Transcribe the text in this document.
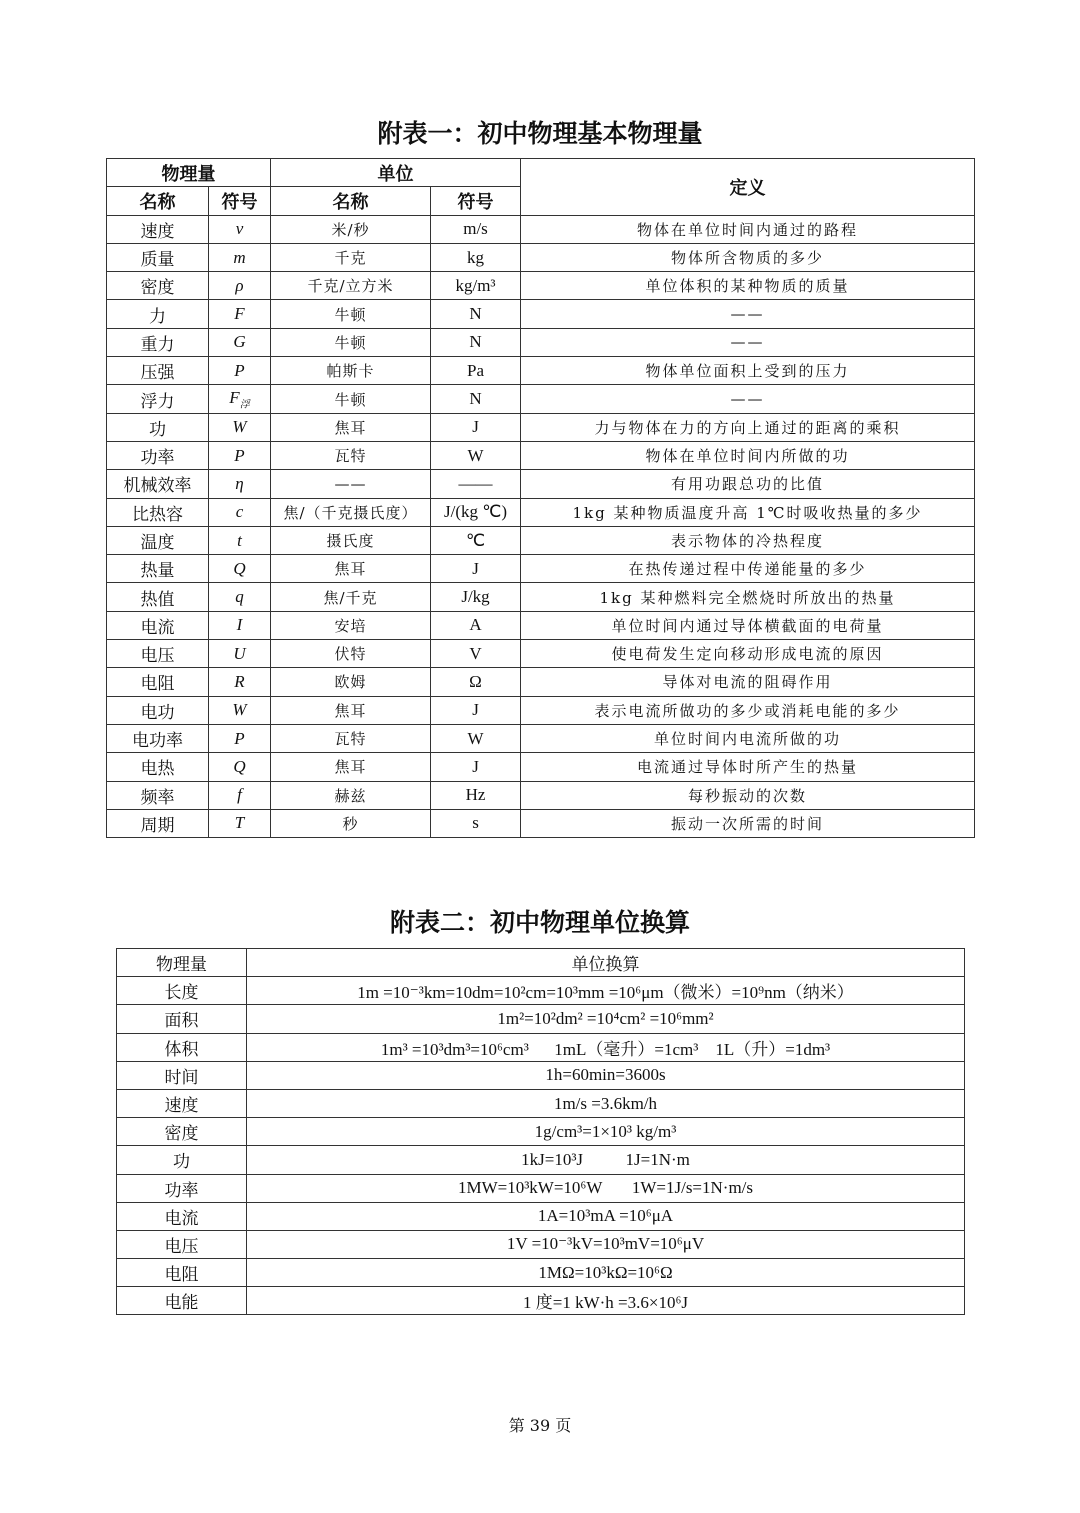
附表一：初中物理基本物理量
物理量		单位		定义
名称	符号	名称	符号	
速度	v	米/秒	m/s	物体在单位时间内通过的路程
质量	m	千克	kg	物体所含物质的多少
密度	ρ	千克/立方米	kg/m³	单位体积的某种物质的质量
力	F	牛顿	N	——
重力	G	牛顿	N	——
压强	P	帕斯卡	Pa	物体单位面积上受到的压力
浮力	$F_浮$	牛顿	N	——
功	W	焦耳	J	力与物体在力的方向上通过的距离的乘积
功率	P	瓦特	W	物体在单位时间内所做的功
机械效率	η	——	——	有用功跟总功的比值
比热容	c	焦/（千克摄氏度）	J/(kg ℃)	1kg 某种物质温度升高 1℃时吸收热量的多少
温度	t	摄氏度	℃	表示物体的冷热程度
热量	Q	焦耳	J	在热传递过程中传递能量的多少
热值	q	焦/千克	J/kg	1kg 某种燃料完全燃烧时所放出的热量
电流	I	安培	A	单位时间内通过导体横截面的电荷量
电压	U	伏特	V	使电荷发生定向移动形成电流的原因
电阻	R	欧姆	Ω	导体对电流的阻碍作用
电功	W	焦耳	J	表示电流所做功的多少或消耗电能的多少
电功率	P	瓦特	W	单位时间内电流所做的功
电热	Q	焦耳	J	电流通过导体时所产生的热量
频率	f	赫兹	Hz	每秒振动的次数
周期	T	秒	s	振动一次所需的时间
附表二：初中物理单位换算
物理量	单位换算
长度	1m =10⁻³km=10dm=10²cm=10³mm =10⁶μm（微米）=10⁹nm（纳米）
面积	1m²=10²dm² =10⁴cm² =10⁶mm²
体积	1m³ =10³dm³=10⁶cm³      1mL（毫升）=1cm³    1L（升）=1dm³
时间	1h=60min=3600s
速度	1m/s =3.6km/h
密度	1g/cm³=1×10³ kg/m³
功	1kJ=10³J          1J=1N·m
功率	1MW=10³kW=10⁶W       1W=1J/s=1N·m/s
电流	1A=10³mA =10⁶μA
电压	1V =10⁻³kV=10³mV=10⁶μV
电阻	1MΩ=10³kΩ=10⁶Ω
电能	1 度=1 kW·h =3.6×10⁶J
第 39 页
